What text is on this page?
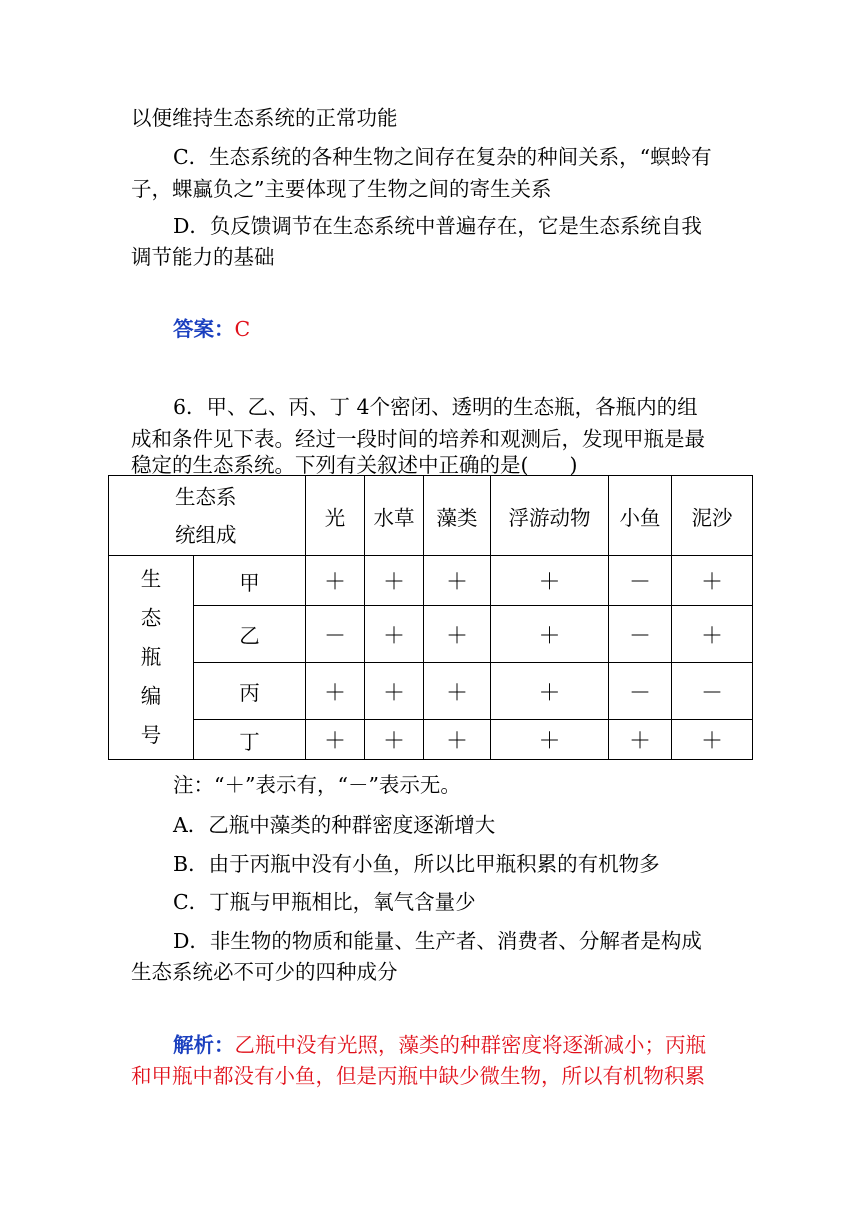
以便维持生态系统的正常功能
C．生态系统的各种生物之间存在复杂的种间关系，“螟蛉有
子，蜾蠃负之”主要体现了生物之间的寄生关系
D．负反馈调节在生态系统中普遍存在，它是生态系统自我
调节能力的基础
答案：C
6．甲、乙、丙、丁 4个密闭、透明的生态瓶，各瓶内的组
成和条件见下表。经过一段时间的培养和观测后，发现甲瓶是最
稳定的生态系统。下列有关叙述中正确的是(　　)
生态系
统组成		光	水草	藻类	浮游动物	小鱼	泥沙

生
态
瓶
编
号	甲	＋	＋	＋	＋	－	＋
	乙	－	＋	＋	＋	－	＋
	丙	＋	＋	＋	＋	－	－
	丁	＋	＋	＋	＋	＋	＋
注：“＋”表示有，“－”表示无。
A．乙瓶中藻类的种群密度逐渐增大
B．由于丙瓶中没有小鱼，所以比甲瓶积累的有机物多
C．丁瓶与甲瓶相比，氧气含量少
D．非生物的物质和能量、生产者、消费者、分解者是构成
生态系统必不可少的四种成分
解析：乙瓶中没有光照，藻类的种群密度将逐渐减小；丙瓶
和甲瓶中都没有小鱼，但是丙瓶中缺少微生物，所以有机物积累
